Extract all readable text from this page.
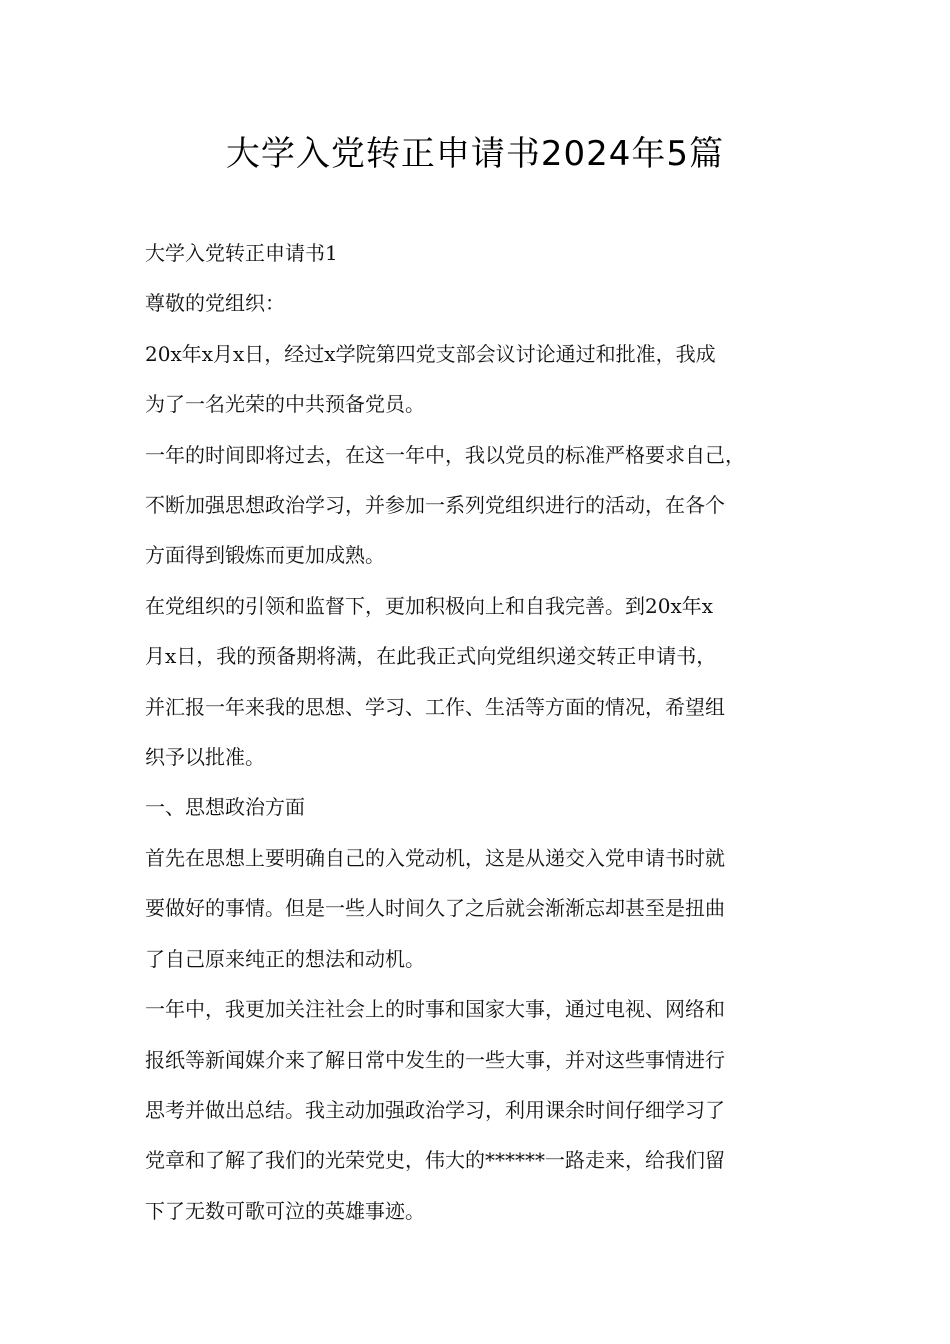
大学入党转正申请书2024年5篇

大学入党转正申请书1

尊敬的党组织：

20x年x月x日，经过x学院第四党支部会议讨论通过和批准，我成

为了一名光荣的中共预备党员。

一年的时间即将过去，在这一年中，我以党员的标准严格要求自己，

不断加强思想政治学习，并参加一系列党组织进行的活动，在各个

方面得到锻炼而更加成熟。

在党组织的引领和监督下，更加积极向上和自我完善。到20x年x

月x日，我的预备期将满，在此我正式向党组织递交转正申请书，

并汇报一年来我的思想、学习、工作、生活等方面的情况，希望组

织予以批准。

一、思想政治方面

首先在思想上要明确自己的入党动机，这是从递交入党申请书时就

要做好的事情。但是一些人时间久了之后就会渐渐忘却甚至是扭曲

了自己原来纯正的想法和动机。

一年中，我更加关注社会上的时事和国家大事，通过电视、网络和

报纸等新闻媒介来了解日常中发生的一些大事，并对这些事情进行

思考并做出总结。我主动加强政治学习，利用课余时间仔细学习了

党章和了解了我们的光荣党史，伟大的******一路走来，给我们留

下了无数可歌可泣的英雄事迹。
